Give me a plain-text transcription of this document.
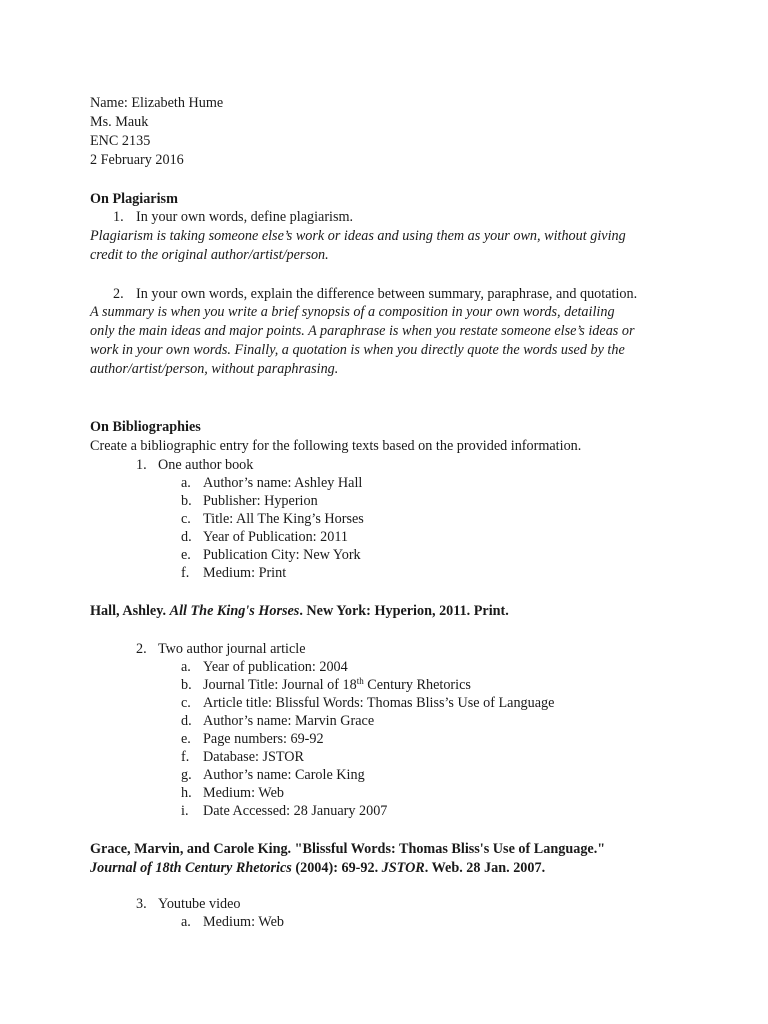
Name: Elizabeth Hume
Ms. Mauk
ENC 2135
2 February 2016
On Plagiarism
1. In your own words, define plagiarism.
Plagiarism is taking someone else’s work or ideas and using them as your own, without giving
credit to the original author/artist/person.
2. In your own words, explain the difference between summary, paraphrase, and quotation.
A summary is when you write a brief synopsis of a composition in your own words, detailing
only the main ideas and major points. A paraphrase is when you restate someone else’s ideas or
work in your own words. Finally, a quotation is when you directly quote the words used by the
author/artist/person, without paraphrasing.
On Bibliographies
Create a bibliographic entry for the following texts based on the provided information.
1. One author book
a. Author’s name: Ashley Hall
b. Publisher: Hyperion
c. Title: All The King’s Horses
d. Year of Publication: 2011
e. Publication City: New York
f. Medium: Print
Hall, Ashley. All The King's Horses. New York: Hyperion, 2011. Print.
2. Two author journal article
a. Year of publication: 2004
b. Journal Title: Journal of 18th Century Rhetorics
c. Article title: Blissful Words: Thomas Bliss’s Use of Language
d. Author’s name: Marvin Grace
e. Page numbers: 69-92
f. Database: JSTOR
g. Author’s name: Carole King
h. Medium: Web
i. Date Accessed: 28 January 2007
Grace, Marvin, and Carole King. "Blissful Words: Thomas Bliss's Use of Language."
Journal of 18th Century Rhetorics (2004): 69-92. JSTOR. Web. 28 Jan. 2007.
3. Youtube video
a. Medium: Web
